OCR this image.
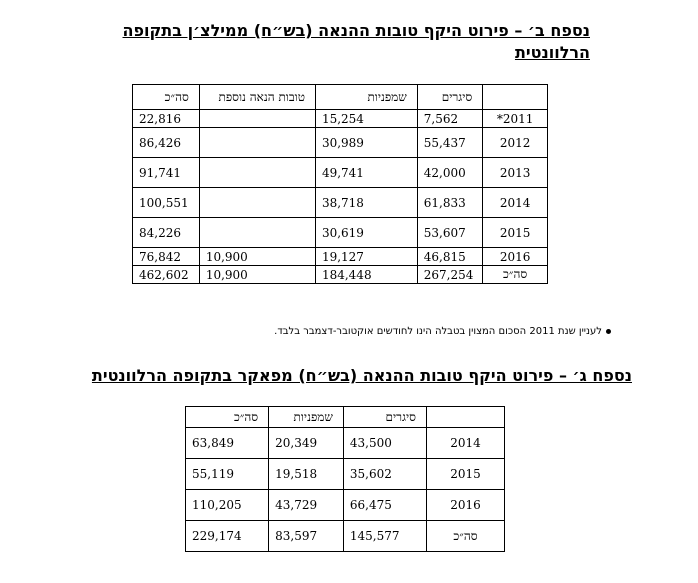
נספח ב׳ – פירוט היקף טובות ההנאה (בש״ח) ממילצ׳ן בתקופה הרלוונטית
	סיגרים	שמפניות	טובות הנאה נוספת	סה״כ
2011*	7,562	15,254		22,816
2012	55,437	30,989		86,426
2013	42,000	49,741		91,741
2014	61,833	38,718		100,551
2015	53,607	30,619		84,226
2016	46,815	19,127	10,900	76,842
סה״כ	267,254	184,448	10,900	462,602
לעניין שנת 2011 הסכום המצוין בטבלה הינו לחודשים אוקטובר-דצמבר בלבד.
נספח ג׳ – פירוט היקף טובות ההנאה (בש״ח) מפאקר בתקופה הרלוונטית
	סיגרים	שמפניות	סה״כ
2014	43,500	20,349	63,849
2015	35,602	19,518	55,119
2016	66,475	43,729	110,205
סה״כ	145,577	83,597	229,174
